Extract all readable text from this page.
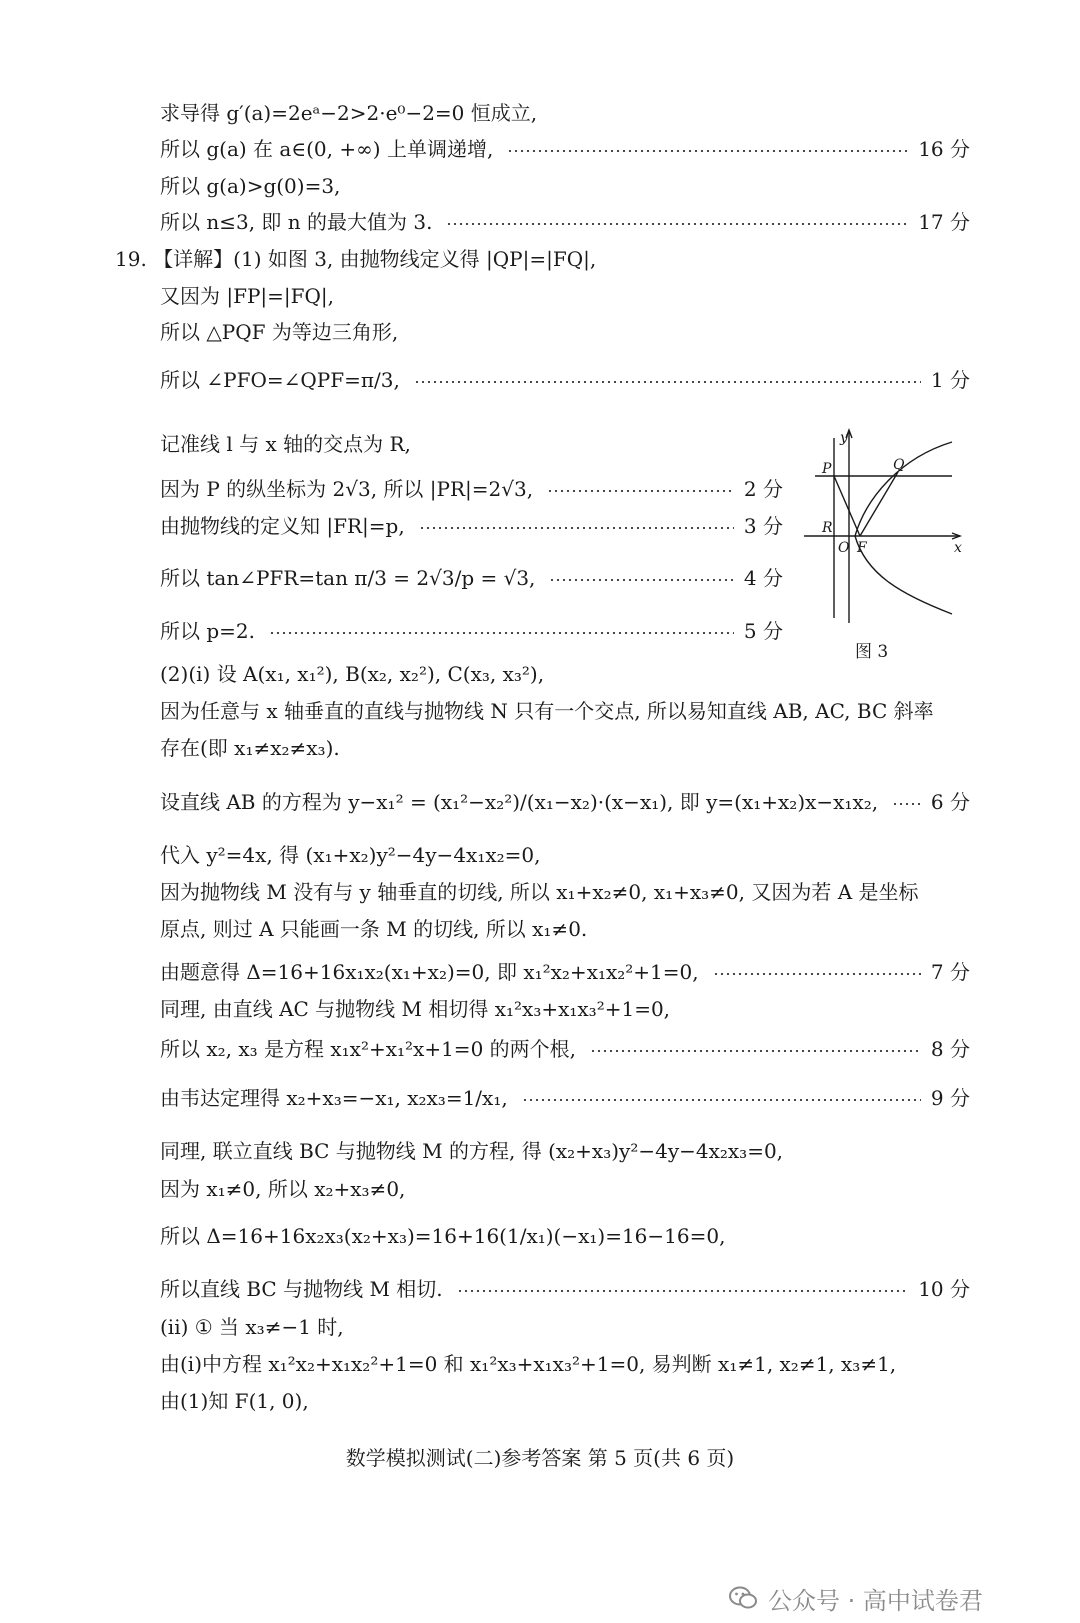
求导得 g′(a)=2eᵃ−2>2·e⁰−2=0 恒成立,
所以 g(a) 在 a∈(0, +∞) 上单调递增,	16 分
所以 g(a)>g(0)=3,
所以 n≤3, 即 n 的最大值为 3.	17 分
19. 【详解】(1) 如图 3, 由抛物线定义得 |QP|=|FQ|,
又因为 |FP|=|FQ|,
所以 △PQF 为等边三角形,
所以 ∠PFO=∠QPF=π/3,	1 分
记准线 l 与 x 轴的交点为 R,
因为 P 的纵坐标为 2√3, 所以 |PR|=2√3,	2 分
由抛物线的定义知 |FR|=p,	3 分
所以 tan∠PFR=tan π/3 = 2√3/p = √3,	4 分
所以 p=2.	5 分
(2)(i) 设 A(x₁, x₁²), B(x₂, x₂²), C(x₃, x₃²),
因为任意与 x 轴垂直的直线与抛物线 N 只有一个交点, 所以易知直线 AB, AC, BC 斜率
存在(即 x₁≠x₂≠x₃).
设直线 AB 的方程为 y−x₁² = (x₁²−x₂²)/(x₁−x₂)·(x−x₁), 即 y=(x₁+x₂)x−x₁x₂,	6 分
代入 y²=4x, 得 (x₁+x₂)y²−4y−4x₁x₂=0,
因为抛物线 M 没有与 y 轴垂直的切线, 所以 x₁+x₂≠0, x₁+x₃≠0, 又因为若 A 是坐标
原点, 则过 A 只能画一条 M 的切线, 所以 x₁≠0.
由题意得 Δ=16+16x₁x₂(x₁+x₂)=0, 即 x₁²x₂+x₁x₂²+1=0,	7 分
同理, 由直线 AC 与抛物线 M 相切得 x₁²x₃+x₁x₃²+1=0,
所以 x₂, x₃ 是方程 x₁x²+x₁²x+1=0 的两个根,	8 分
由韦达定理得 x₂+x₃=−x₁, x₂x₃=1/x₁,	9 分
同理, 联立直线 BC 与抛物线 M 的方程, 得 (x₂+x₃)y²−4y−4x₂x₃=0,
因为 x₁≠0, 所以 x₂+x₃≠0,
所以 Δ=16+16x₂x₃(x₂+x₃)=16+16(1/x₁)(−x₁)=16−16=0,
所以直线 BC 与抛物线 M 相切.	10 分
(ii) ① 当 x₃≠−1 时,
由(i)中方程 x₁²x₂+x₁x₂²+1=0 和 x₁²x₃+x₁x₃²+1=0, 易判断 x₁≠1, x₂≠1, x₃≠1,
由(1)知 F(1, 0),
y
x
P	Q
R
O F
图 3
数学模拟测试(二)参考答案 第 5 页(共 6 页)
公众号 · 高中试卷君
